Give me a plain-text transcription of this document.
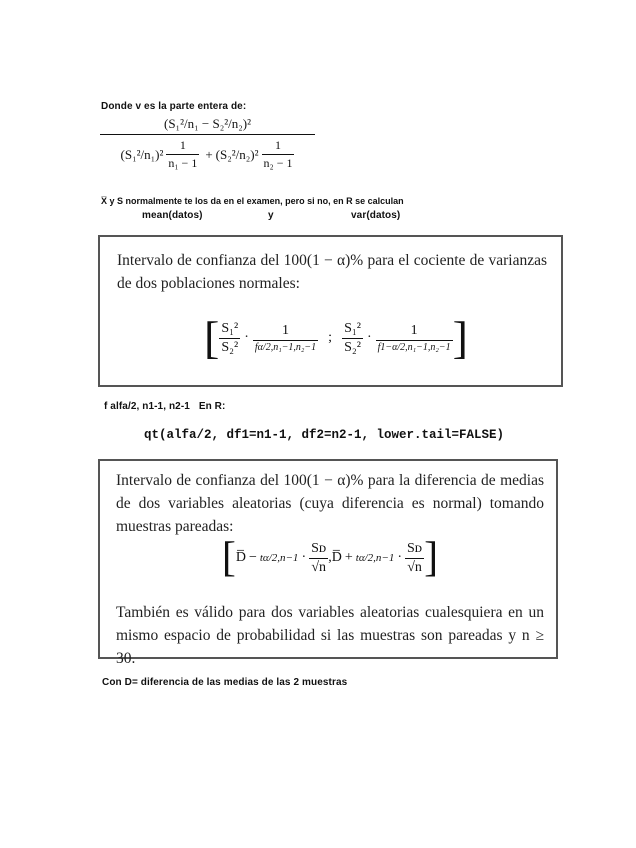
Donde v es la parte entera de:
(S₁²/n₁ − S₂²/n₂)²
$(S_1^2/n_1)^2 \frac{1}{\text{n₁ − 1}} + (S_2^2/n_2)^2 \frac{1}{\text{n₂ − 1}}$
X̅ y S normalmente te los da en el examen, pero si no, en R se calculan
mean(datos)	y	var(datos)
Intervalo de confianza del 100(1 − α)% para el cociente de varianzas de dos poblaciones normales:
[ $\frac{\text{S₁²}}{\text{S₂²}} \cdot \frac{1}{\text{fα/2,n₁−1,n₂−1}}$ ; $\frac{\text{S₁²}}{\text{S₂²}} \cdot \frac{1}{\text{f1−α/2,n₁−1,n₂−1}}$ ]
f alfa/2, n1-1, n2-1 En R:
qt(alfa/2, df1=n1-1, df2=n2-1, lower.tail=FALSE)
Intervalo de confianza del 100(1 − α)% para la diferencia de medias de dos variables aleatorias (cuya diferencia es normal) tomando muestras pareadas:
[ D̅ − $t\alpha/2,n-1 \cdot \frac{\text{Sᴅ}}{√n}$ , D̅ + $t\alpha/2,n-1 \cdot \frac{\text{Sᴅ}}{√n}$ ]
También es válido para dos variables aleatorias cualesquiera en un mismo espacio de probabilidad si las muestras son pareadas y n ≥ 30.
Con D= diferencia de las medias de las 2 muestras
